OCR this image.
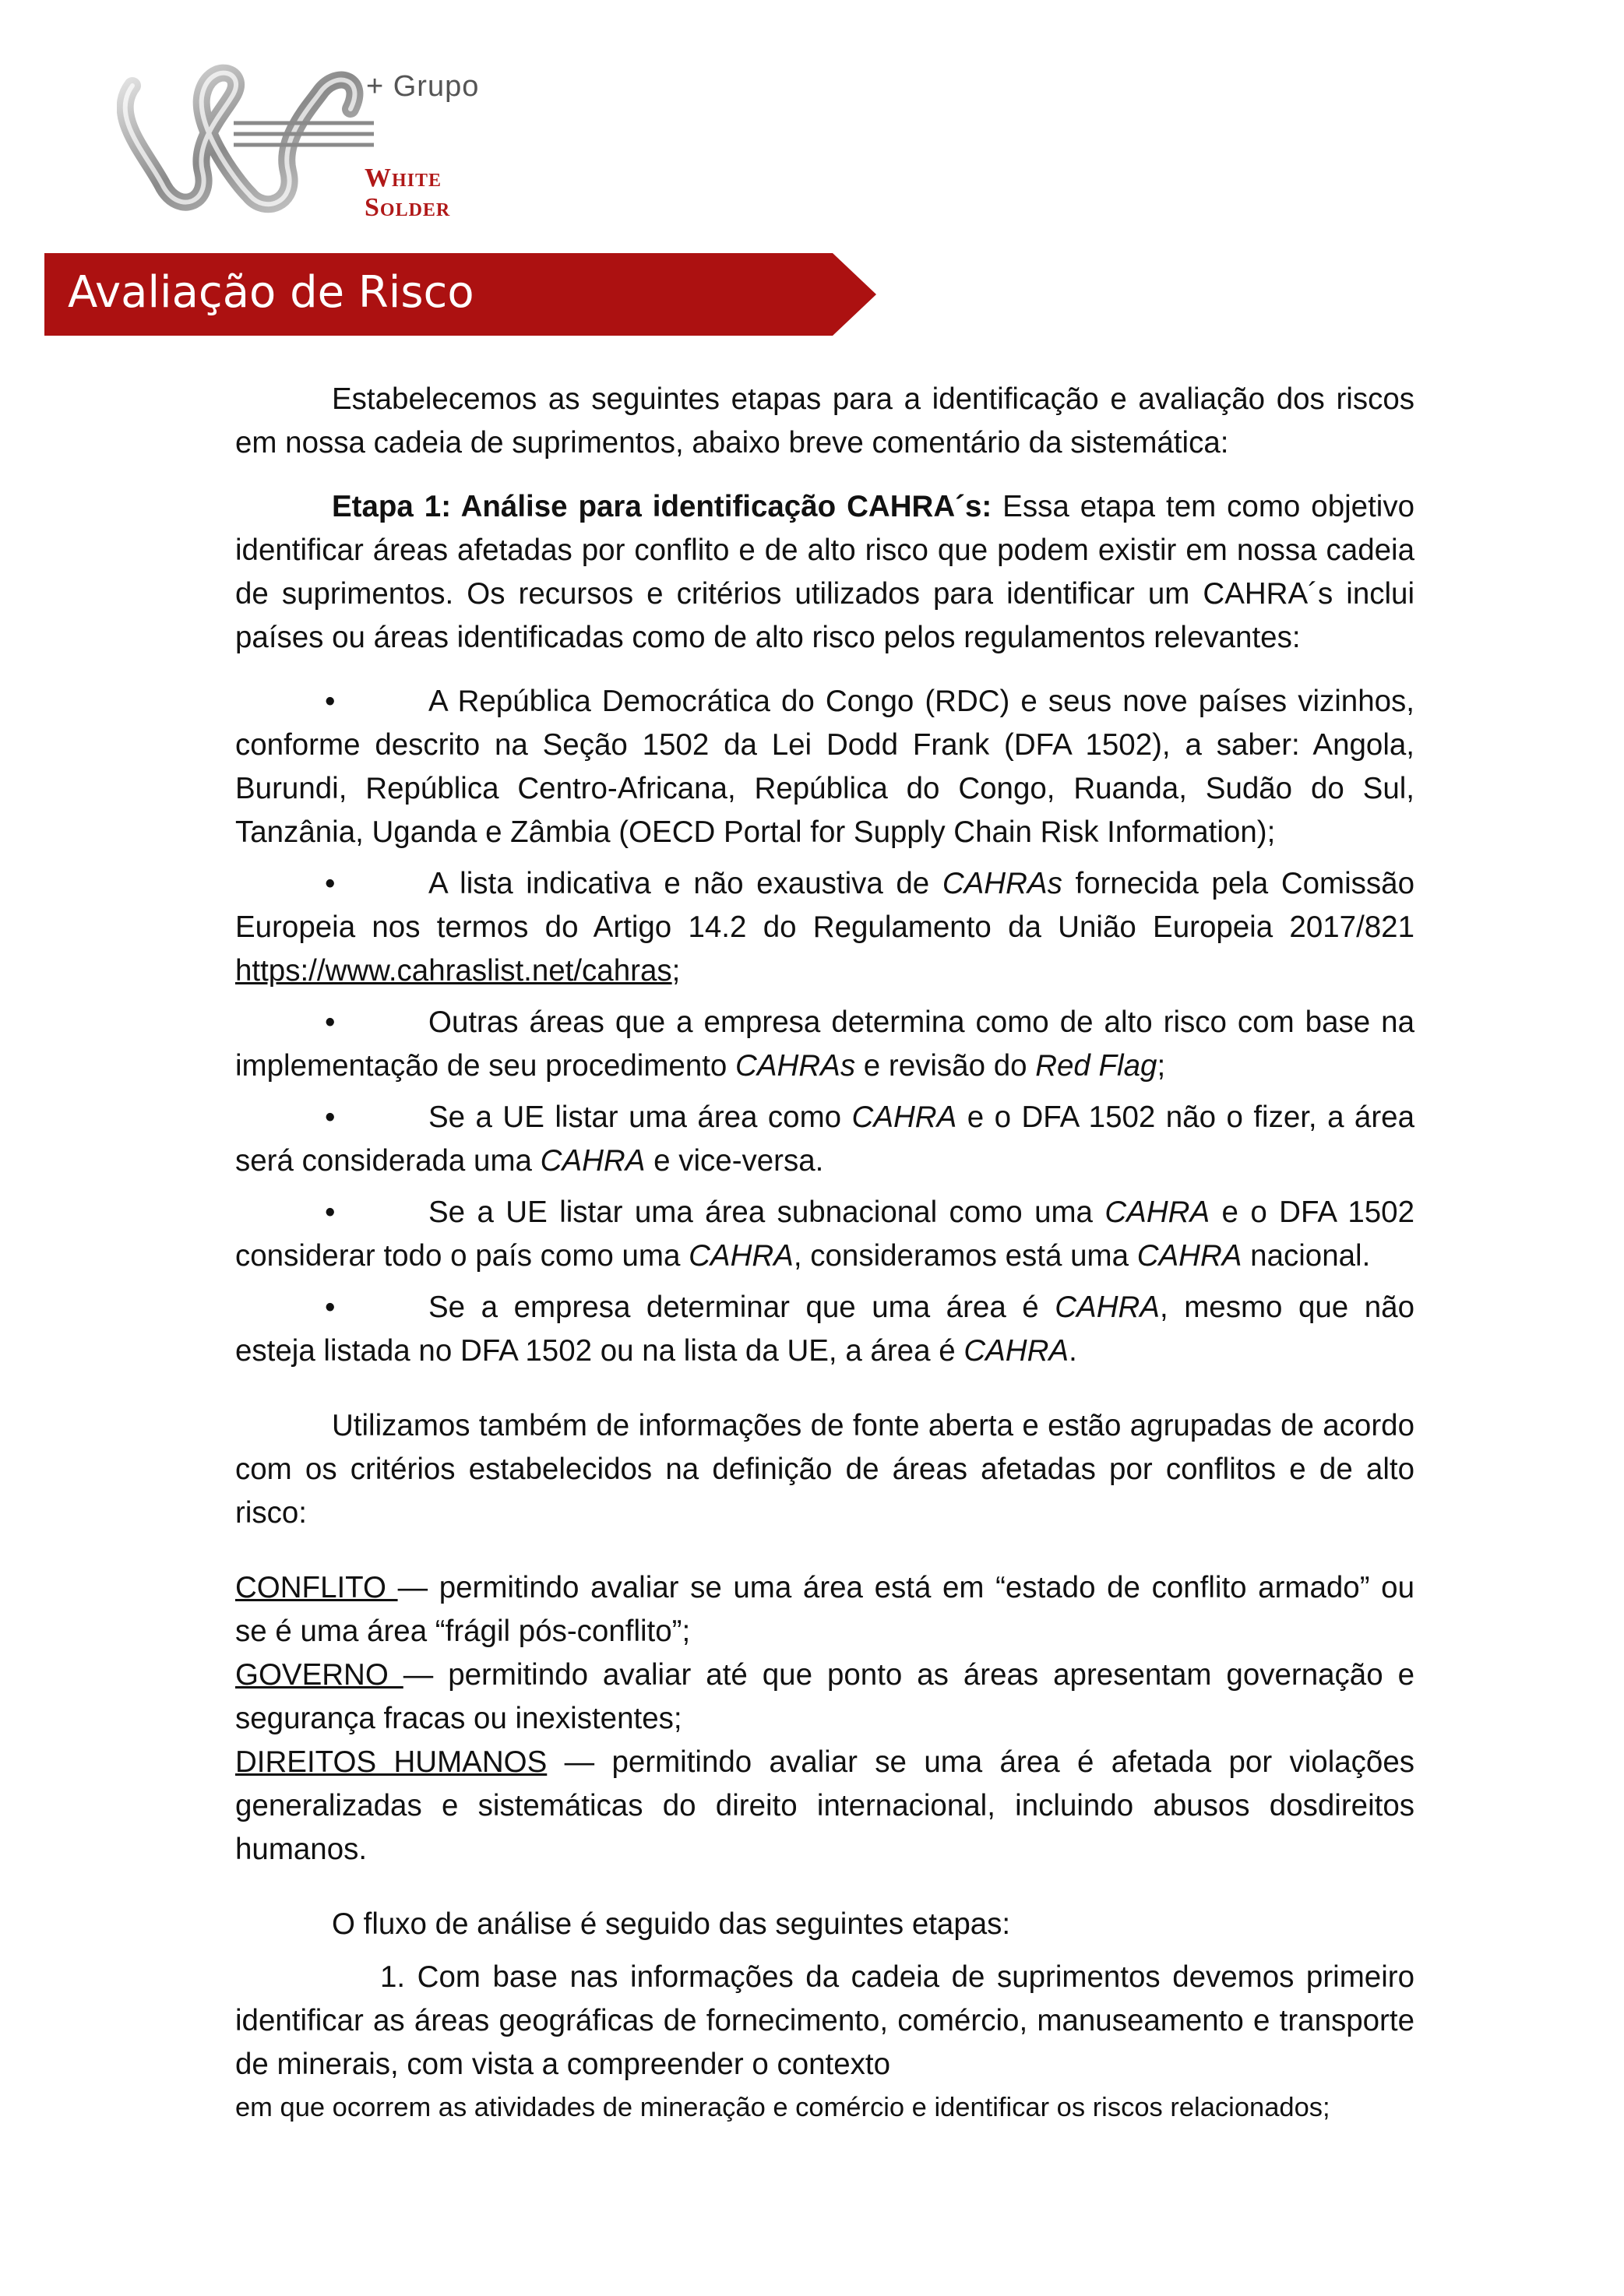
+ Grupo
White Solder
Avaliação de Risco

Estabelecemos as seguintes etapas para a identificação e avaliação dos riscos em nossa cadeia de suprimentos, abaixo breve comentário da sistemática:

Etapa 1: Análise para identificação CAHRA´s: Essa etapa tem como objetivo identificar áreas afetadas por conflito e de alto risco que podem existir em nossa cadeia de suprimentos. Os recursos e critérios utilizados para identificar um CAHRA´s inclui países ou áreas identificadas como de alto risco pelos regulamentos relevantes:

•	A República Democrática do Congo (RDC) e seus nove países vizinhos, conforme descrito na Seção 1502 da Lei Dodd Frank (DFA 1502), a saber: Angola, Burundi, República Centro-Africana, República do Congo, Ruanda, Sudão do Sul, Tanzânia, Uganda e Zâmbia (OECD Portal for Supply Chain Risk Information);

•	A lista indicativa e não exaustiva de CAHRAs fornecida pela Comissão Europeia nos termos do Artigo 14.2 do Regulamento da União Europeia 2017/821 https://www.cahraslist.net/cahras;

•	Outras áreas que a empresa determina como de alto risco com base na implementação de seu procedimento CAHRAs e revisão do Red Flag;

•	Se a UE listar uma área como CAHRA e o DFA 1502 não o fizer, a área será considerada uma CAHRA e vice-versa.

•	Se a UE listar uma área subnacional como uma CAHRA e o DFA 1502 considerar todo o país como uma CAHRA, consideramos está uma CAHRA nacional.

•	Se a empresa determinar que uma área é CAHRA, mesmo que não esteja listada no DFA 1502 ou na lista da UE, a área é CAHRA.

Utilizamos também de informações de fonte aberta e estão agrupadas de acordo com os critérios estabelecidos na definição de áreas afetadas por conflitos e de alto risco:

CONFLITO — permitindo avaliar se uma área está em “estado de conflito armado” ou se é uma área “frágil pós-conflito”;

GOVERNO — permitindo avaliar até que ponto as áreas apresentam governação e segurança fracas ou inexistentes;

DIREITOS HUMANOS — permitindo avaliar se uma área é afetada por violações generalizadas e sistemáticas do direito internacional, incluindo abusos dosdireitos humanos.

O fluxo de análise é seguido das seguintes etapas:

1. Com base nas informações da cadeia de suprimentos devemos primeiro identificar as áreas geográficas de fornecimento, comércio, manuseamento e transporte de minerais, com vista a compreender o contexto

em que ocorrem as atividades de mineração e comércio e identificar os riscos relacionados;
